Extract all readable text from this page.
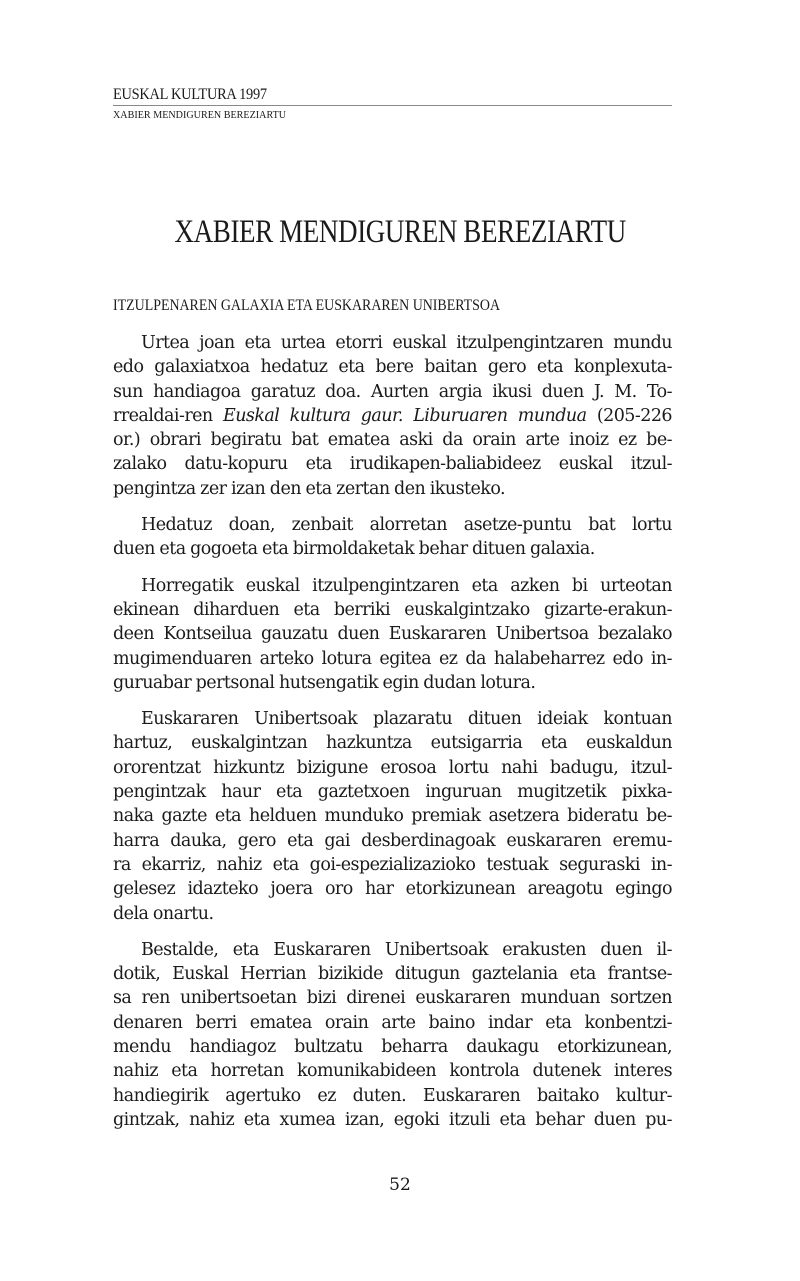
EUSKAL KULTURA 1997
XABIER MENDIGUREN BEREZIARTU
XABIER MENDIGUREN BEREZIARTU
ITZULPENAREN GALAXIA ETA EUSKARAREN UNIBERTSOA
Urtea joan eta urtea etorri euskal itzulpengintzaren mundu
edo galaxiatxoa hedatuz eta bere baitan gero eta konplexuta-
sun handiagoa garatuz doa. Aurten argia ikusi duen J. M. To-
rrealdai-ren Euskal kultura gaur. Liburuaren mundua (205-226
or.) obrari begiratu bat ematea aski da orain arte inoiz ez be-
zalako datu-kopuru eta irudikapen-baliabideez euskal itzul-
pengintza zer izan den eta zertan den ikusteko.
Hedatuz doan, zenbait alorretan asetze-puntu bat lortu
duen eta gogoeta eta birmoldaketak behar dituen galaxia.
Horregatik euskal itzulpengintzaren eta azken bi urteotan
ekinean diharduen eta berriki euskalgintzako gizarte-erakun-
deen Kontseilua gauzatu duen Euskararen Unibertsoa bezalako
mugimenduaren arteko lotura egitea ez da halabeharrez edo in-
guruabar pertsonal hutsengatik egin dudan lotura.
Euskararen Unibertsoak plazaratu dituen ideiak kontuan
hartuz, euskalgintzan hazkuntza eutsigarria eta euskaldun
ororentzat hizkuntz bizigune erosoa lortu nahi badugu, itzul-
pengintzak haur eta gaztetxoen inguruan mugitzetik pixka-
naka gazte eta helduen munduko premiak asetzera bideratu be-
harra dauka, gero eta gai desberdinagoak euskararen eremu-
ra ekarriz, nahiz eta goi-espezializazioko testuak seguraski in-
gelesez idazteko joera oro har etorkizunean areagotu egingo
dela onartu.
Bestalde, eta Euskararen Unibertsoak erakusten duen il-
dotik, Euskal Herrian bizikide ditugun gaztelania eta frantse-
sa ren unibertsoetan bizi direnei euskararen munduan sortzen
denaren berri ematea orain arte baino indar eta konbentzi-
mendu handiagoz bultzatu beharra daukagu etorkizunean,
nahiz eta horretan komunikabideen kontrola dutenek interes
handiegirik agertuko ez duten. Euskararen baitako kultur-
gintzak, nahiz eta xumea izan, egoki itzuli eta behar duen pu-
52
